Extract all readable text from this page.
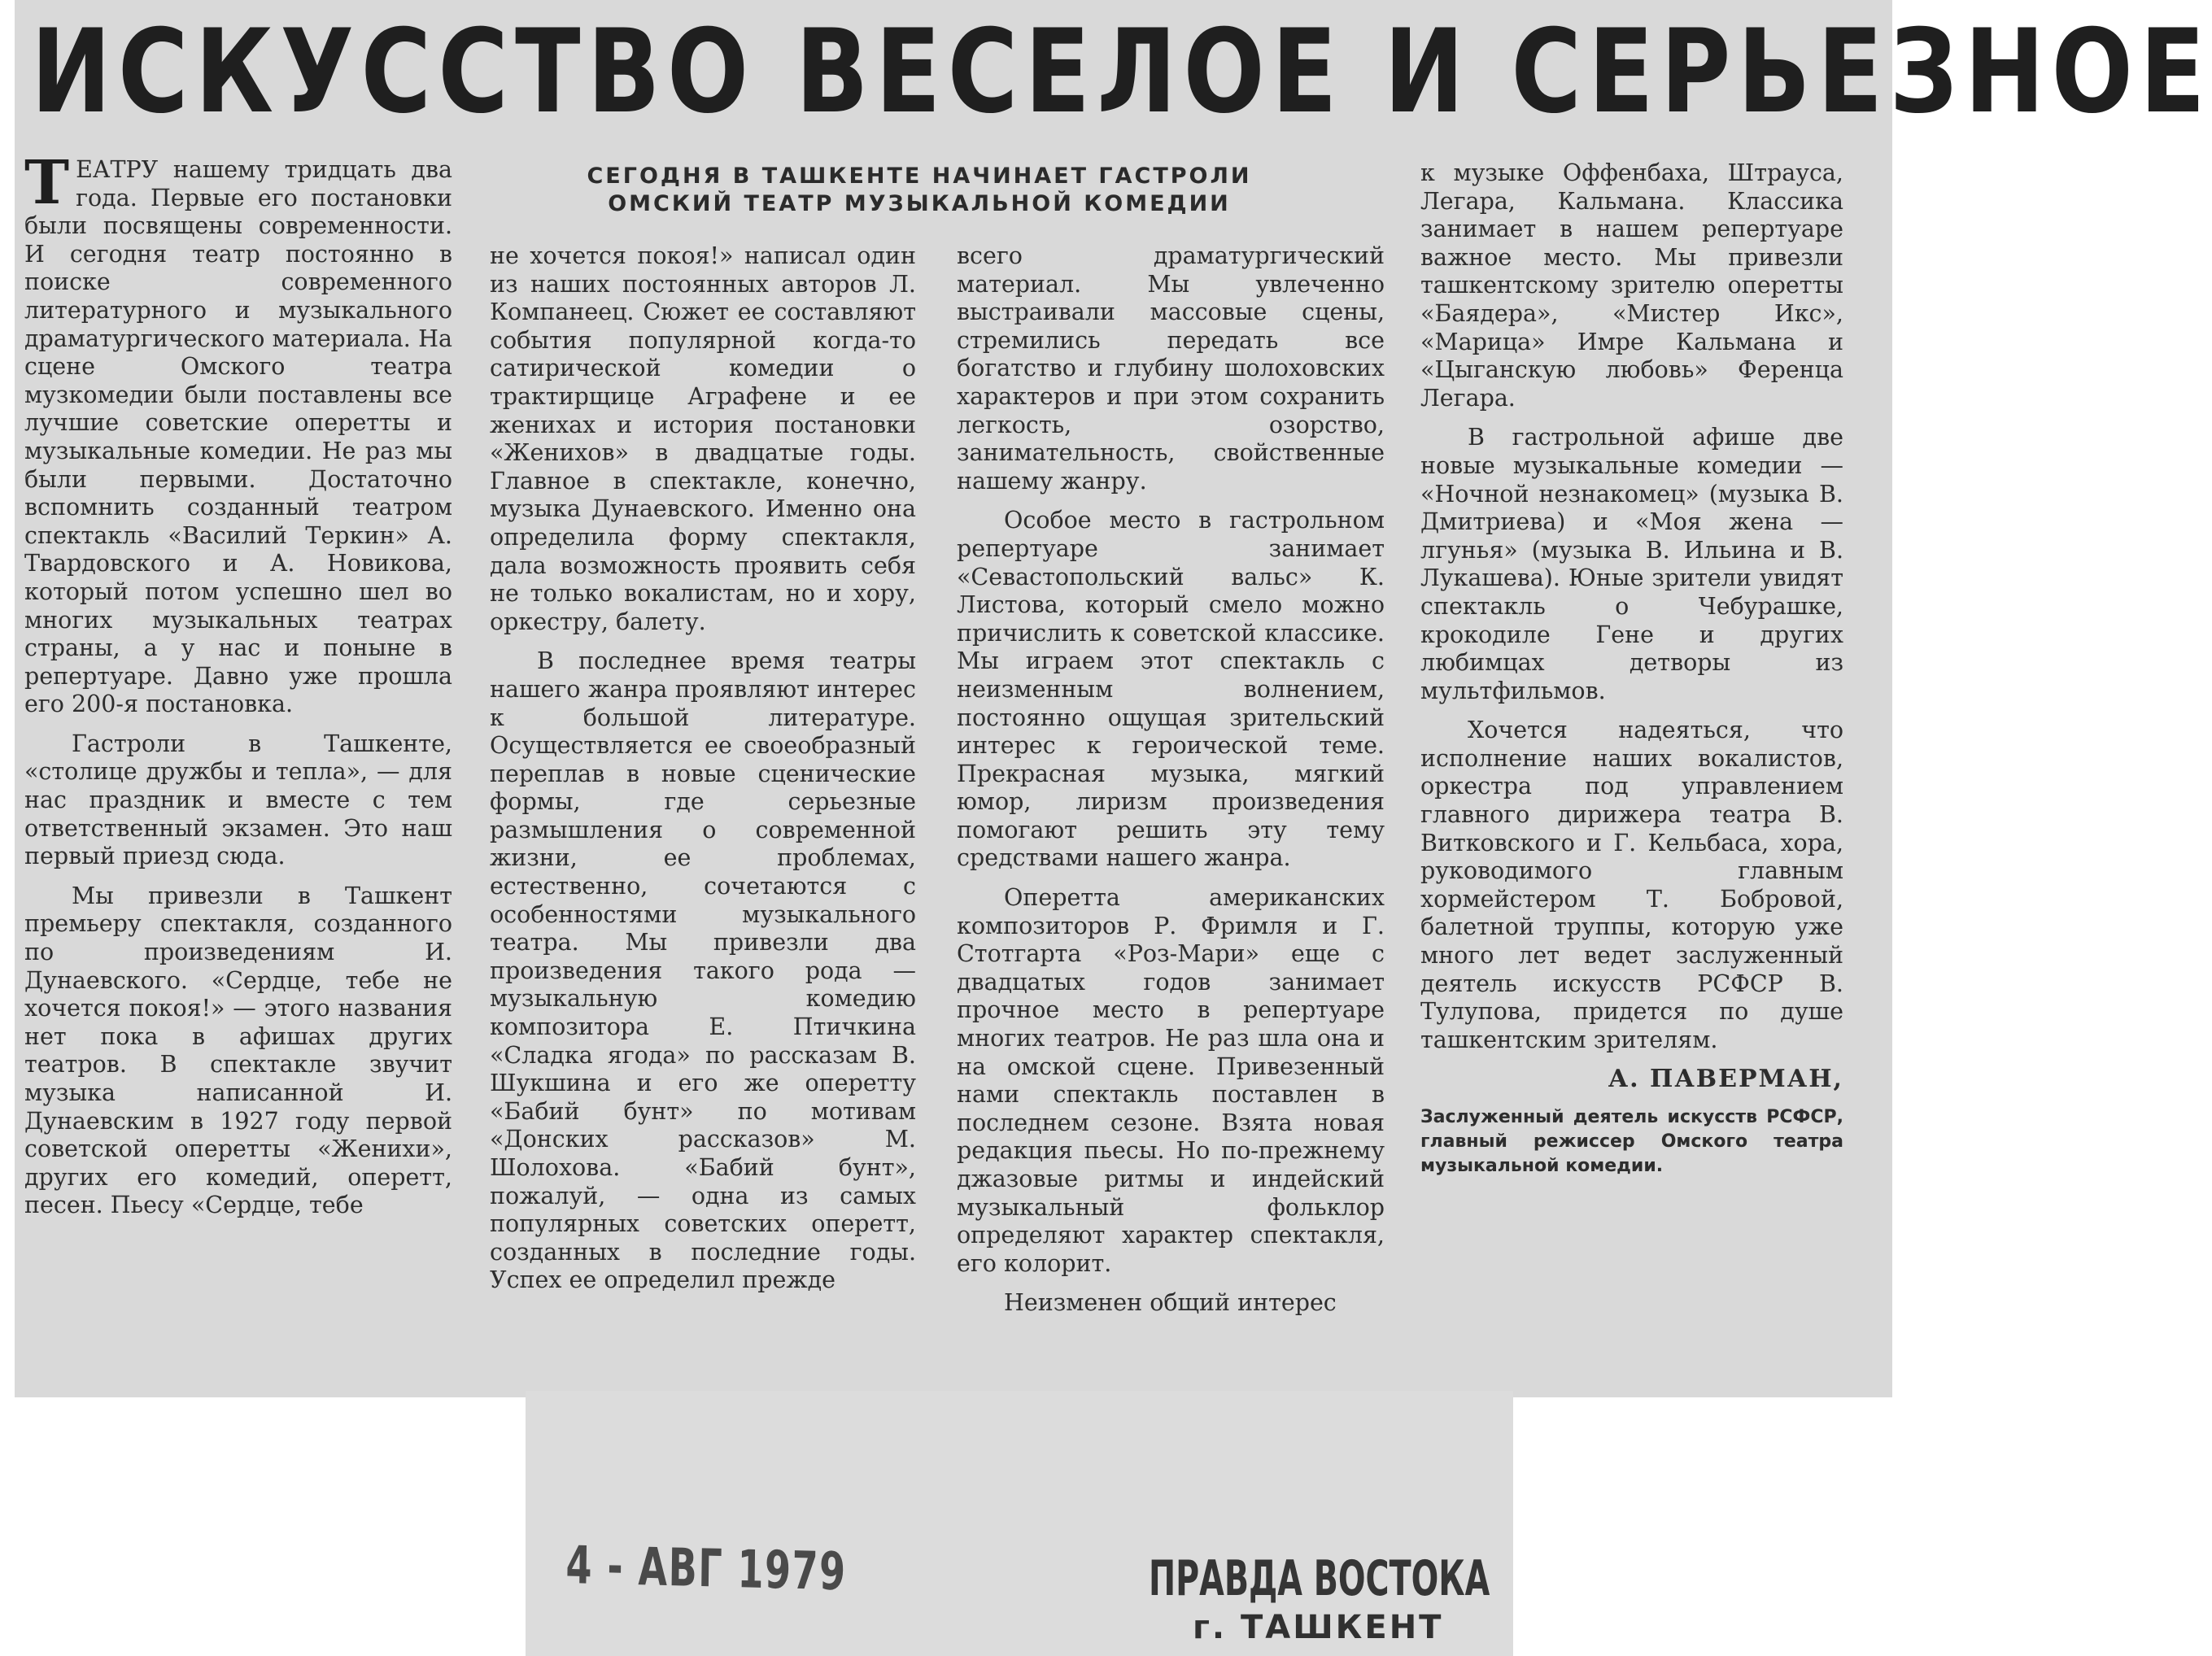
ИСКУССТВО ВЕСЕЛОЕ И СЕРЬЕЗНОЕ
СЕГОДНЯ В ТАШКЕНТЕ НАЧИНАЕТ ГАСТРОЛИ
ОМСКИЙ ТЕАТР МУЗЫКАЛЬНОЙ КОМЕДИИ

ТЕАТРУ нашему тридцать два года. Первые его постановки были посвящены современности. И сегодня театр постоянно в поиске современного литературного и музыкального драматургического материала. На сцене Омского театра музкомедии были поставлены все лучшие советские оперетты и музыкальные комедии. Не раз мы были первыми. Достаточно вспомнить созданный театром спектакль «Василий Теркин» А. Твардовского и А. Новикова, который потом успешно шел во многих музыкальных театрах страны, а у нас и поныне в репертуаре. Давно уже прошла его 200-я постановка.

Гастроли в Ташкенте, «столице дружбы и тепла», — для нас праздник и вместе с тем ответственный экзамен. Это наш первый приезд сюда.

Мы привезли в Ташкент премьеру спектакля, созданного по произведениям И. Дунаевского. «Сердце, тебе не хочется покоя!» — этого названия нет пока в афишах других театров. В спектакле звучит музыка написанной И. Дунаевским в 1927 году первой советской оперетты «Женихи», других его комедий, оперетт, песен. Пьесу «Сердце, тебе

не хочется покоя!» написал один из наших постоянных авторов Л. Компанеец. Сюжет ее составляют события популярной когда-то сатирической комедии о трактирщице Аграфене и ее женихах и история постановки «Женихов» в двадцатые годы. Главное в спектакле, конечно, музыка Дунаевского. Именно она определила форму спектакля, дала возможность проявить себя не только вокалистам, но и хору, оркестру, балету.

В последнее время театры нашего жанра проявляют интерес к большой литературе. Осуществляется ее своеобразный переплав в новые сценические формы, где серьезные размышления о современной жизни, ее проблемах, естественно, сочетаются с особенностями музыкального театра. Мы привезли два произведения такого рода — музыкальную комедию композитора Е. Птичкина «Сладка ягода» по рассказам В. Шукшина и его же оперетту «Бабий бунт» по мотивам «Донских рассказов» М. Шолохова. «Бабий бунт», пожалуй, — одна из самых популярных советских оперетт, созданных в последние годы. Успех ее определил прежде

всего драматургический материал. Мы увлеченно выстраивали массовые сцены, стремились передать все богатство и глубину шолоховских характеров и при этом сохранить легкость, озорство, занимательность, свойственные нашему жанру.

Особое место в гастрольном репертуаре занимает «Севастопольский вальс» К. Листова, который смело можно причислить к советской классике. Мы играем этот спектакль с неизменным волнением, постоянно ощущая зрительский интерес к героической теме. Прекрасная музыка, мягкий юмор, лиризм произведения помогают решить эту тему средствами нашего жанра.

Оперетта американских композиторов Р. Фримля и Г. Стотгарта «Роз-Мари» еще с двадцатых годов занимает прочное место в репертуаре многих театров. Не раз шла она и на омской сцене. Привезенный нами спектакль поставлен в последнем сезоне. Взята новая редакция пьесы. Но по-прежнему джазовые ритмы и индейский музыкальный фольклор определяют характер спектакля, его колорит.

Неизменен общий интерес

к музыке Оффенбаха, Штрауса, Легара, Кальмана. Классика занимает в нашем репертуаре важное место. Мы привезли ташкентскому зрителю оперетты «Баядера», «Мистер Икс», «Марица» Имре Кальмана и «Цыганскую любовь» Ференца Легара.

В гастрольной афише две новые музыкальные комедии — «Ночной незнакомец» (музыка В. Дмитриева) и «Моя жена — лгунья» (музыка В. Ильина и В. Лукашева). Юные зрители увидят спектакль о Чебурашке, крокодиле Гене и других любимцах детворы из мультфильмов.

Хочется надеяться, что исполнение наших вокалистов, оркестра под управлением главного дирижера театра В. Витковского и Г. Кельбаса, хора, руководимого главным хормейстером Т. Бобровой, балетной труппы, которую уже много лет ведет заслуженный деятель искусств РСФСР В. Тулупова, придется по душе ташкентским зрителям.

А. ПАВЕРМАН,

Заслуженный деятель искусств РСФСР, главный режиссер Омского театра музыкальной комедии.

4 - АВГ 1979	ПРАВДА ВОСТОКА
г. ТАШКЕНТ
